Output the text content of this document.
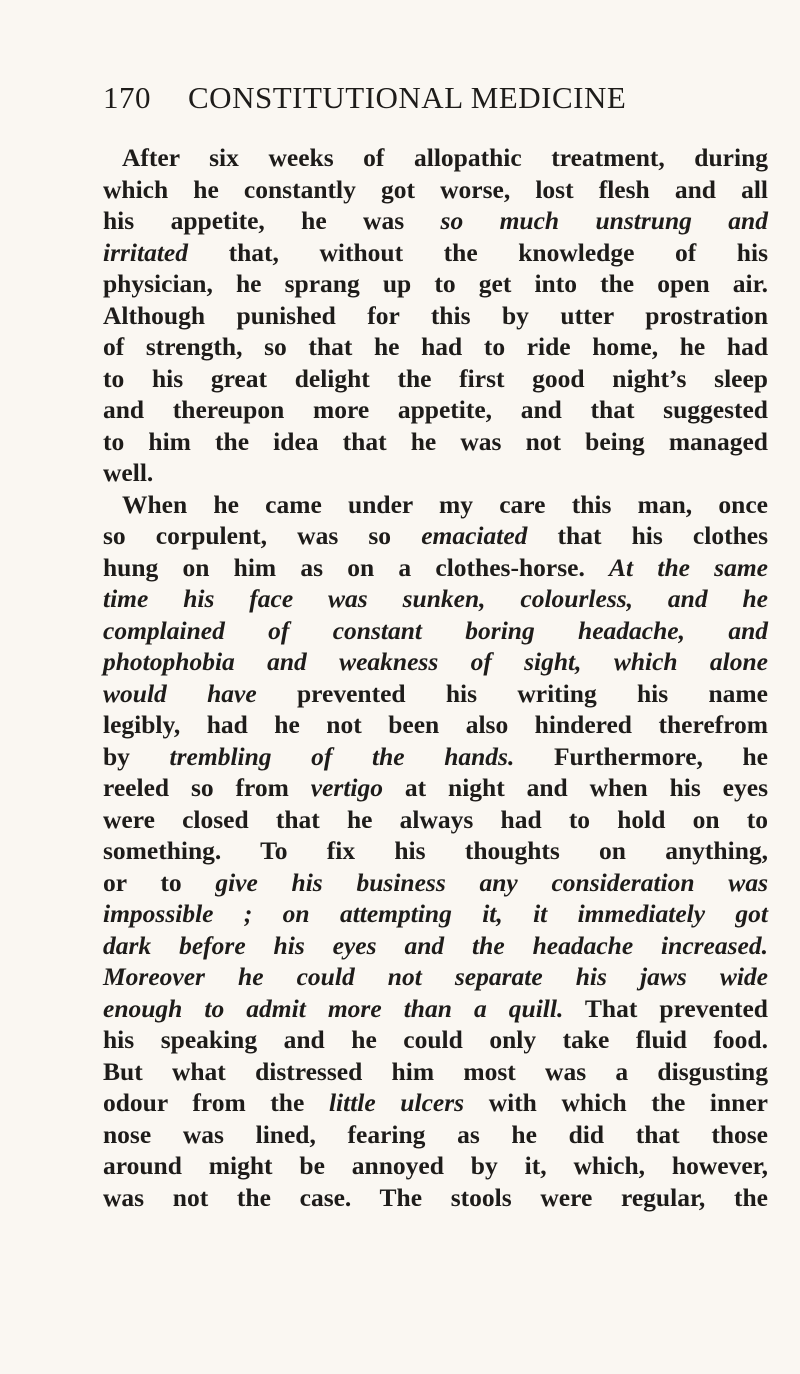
170 CONSTITUTIONAL MEDICINE
After six weeks of allopathic treatment, during
which he constantly got worse, lost flesh and all
his appetite, he was so much unstrung and
irritated that, without the knowledge of his
physician, he sprang up to get into the open air.
Although punished for this by utter prostration
of strength, so that he had to ride home, he had
to his great delight the first good night’s sleep
and thereupon more appetite, and that suggested
to him the idea that he was not being managed
well.
When he came under my care this man, once
so corpulent, was so emaciated that his clothes
hung on him as on a clothes-horse. At the same
time his face was sunken, colourless, and he
complained of constant boring headache, and
photophobia and weakness of sight, which alone
would have prevented his writing his name
legibly, had he not been also hindered therefrom
by trembling of the hands. Furthermore, he
reeled so from vertigo at night and when his eyes
were closed that he always had to hold on to
something. To fix his thoughts on anything,
or to give his business any consideration was
impossible ; on attempting it, it immediately got
dark before his eyes and the headache increased.
Moreover he could not separate his jaws wide
enough to admit more than a quill. That prevented
his speaking and he could only take fluid food.
But what distressed him most was a disgusting
odour from the little ulcers with which the inner
nose was lined, fearing as he did that those
around might be annoyed by it, which, however,
was not the case. The stools were regular, the
